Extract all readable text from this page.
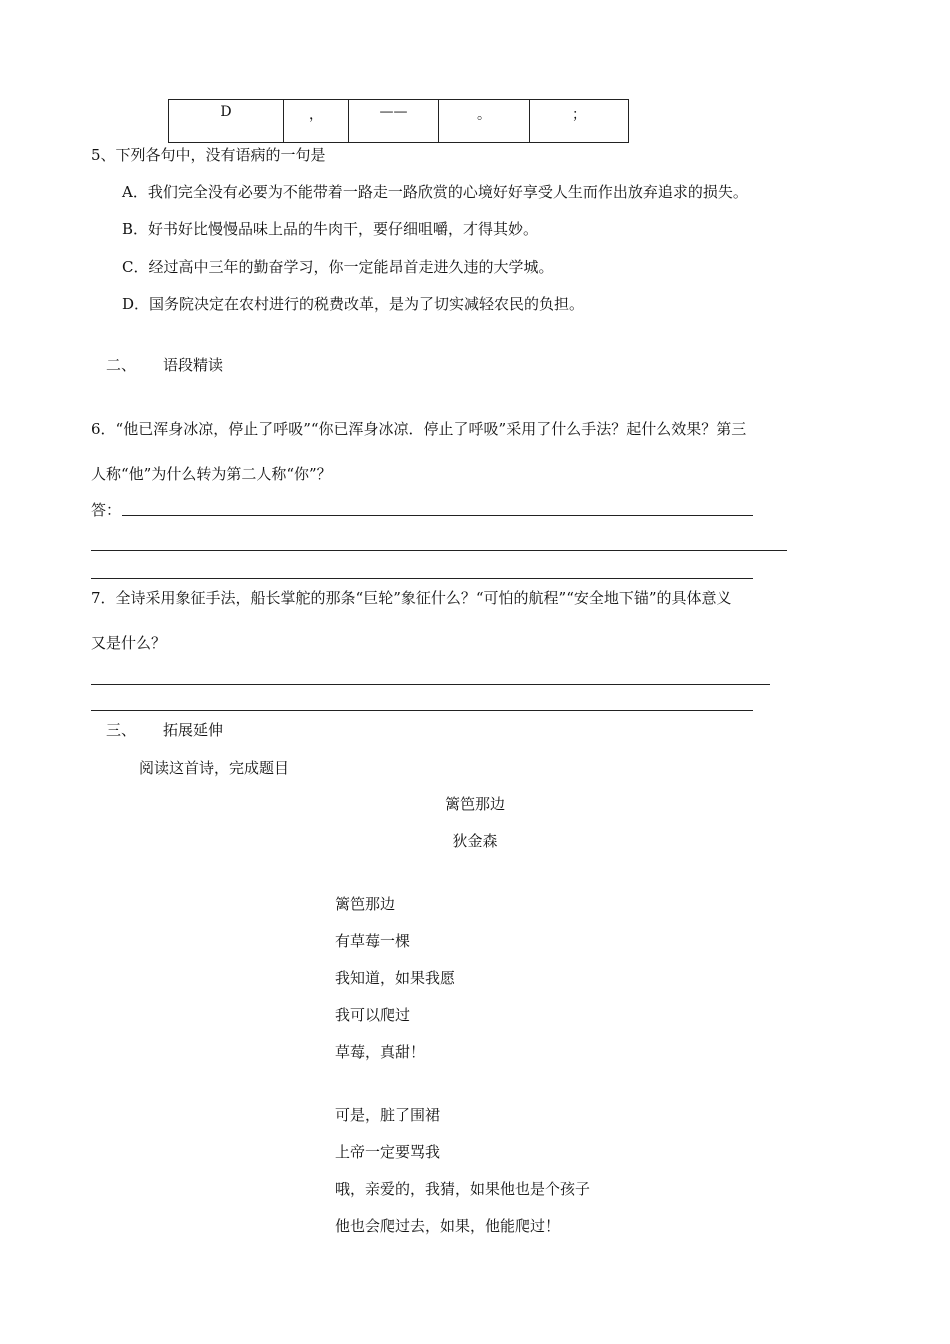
D	，	——	。	；
5、下列各句中，没有语病的一句是
A．我们完全没有必要为不能带着一路走一路欣赏的心境好好享受人生而作出放弃追求的损失。
B．好书好比慢慢品味上品的牛肉干，要仔细咀嚼，才得其妙。
C．经过高中三年的勤奋学习，你一定能昂首走进久违的大学城。
D．国务院决定在农村进行的税费改革，是为了切实减轻农民的负担。
二、 语段精读
6．“他已浑身冰凉，停止了呼吸”“你已浑身冰凉．停止了呼吸”采用了什么手法？起什么效果？第三
人称“他”为什么转为第二人称“你”？
答：
7．全诗采用象征手法，船长掌舵的那条“巨轮”象征什么？“可怕的航程”“安全地下锚”的具体意义
又是什么？
三、 拓展延伸
阅读这首诗，完成题目
篱笆那边
狄金森
篱笆那边
有草莓一棵
我知道，如果我愿
我可以爬过
草莓，真甜！
可是，脏了围裙
上帝一定要骂我
哦，亲爱的，我猜，如果他也是个孩子
他也会爬过去，如果，他能爬过！
